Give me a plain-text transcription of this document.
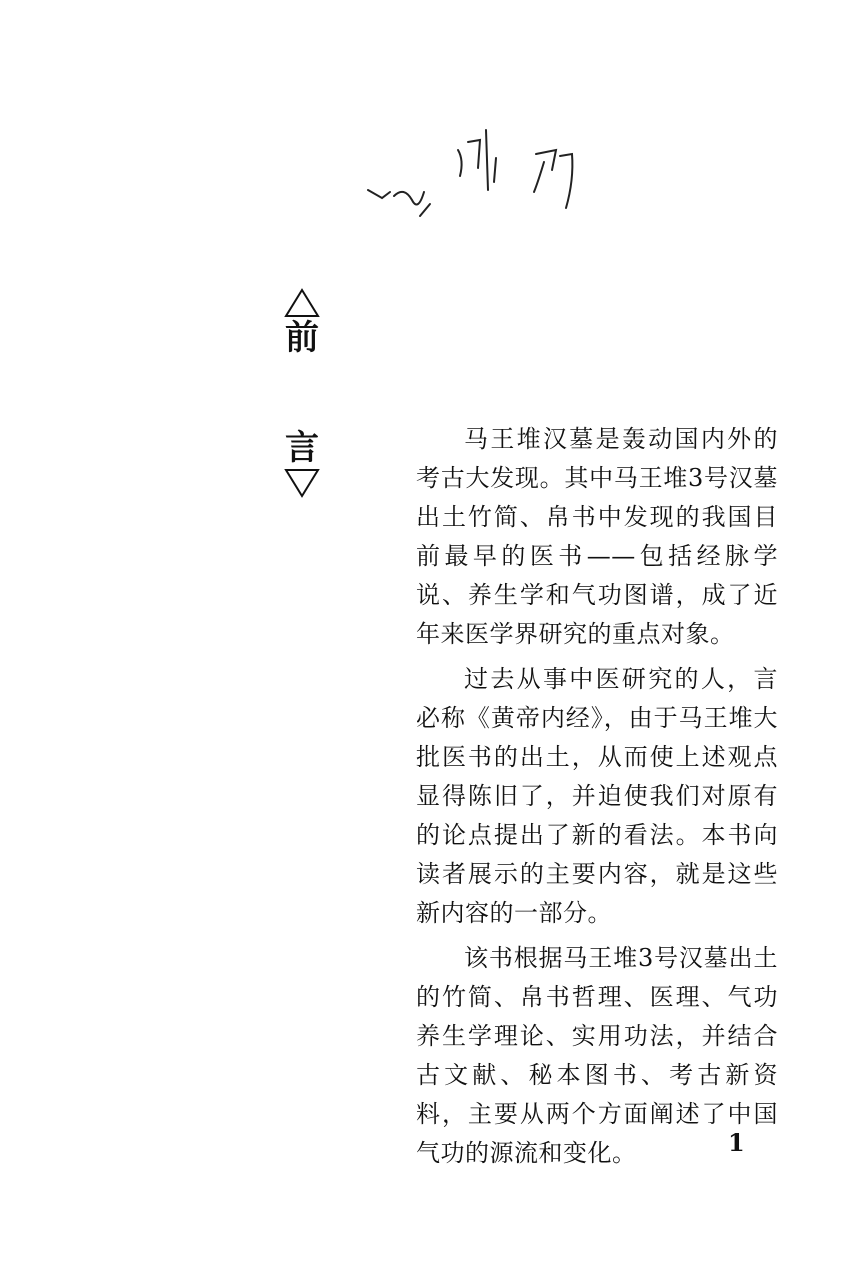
前
言	马王堆汉墓是轰动国内外的考古大发现。其中马王堆3号汉墓出土竹简、帛书中发现的我国目前最早的医书——包括经脉学说、养生学和气功图谱，成了近年来医学界研究的重点对象。

过去从事中医研究的人，言必称《黄帝内经》，由于马王堆大批医书的出土，从而使上述观点显得陈旧了，并迫使我们对原有的论点提出了新的看法。本书向读者展示的主要内容，就是这些新内容的一部分。

该书根据马王堆3号汉墓出土的竹简、帛书哲理、医理、气功养生学理论、实用功法，并结合古文献、秘本图书、考古新资料，主要从两个方面阐述了中国气功的源流和变化。	1
